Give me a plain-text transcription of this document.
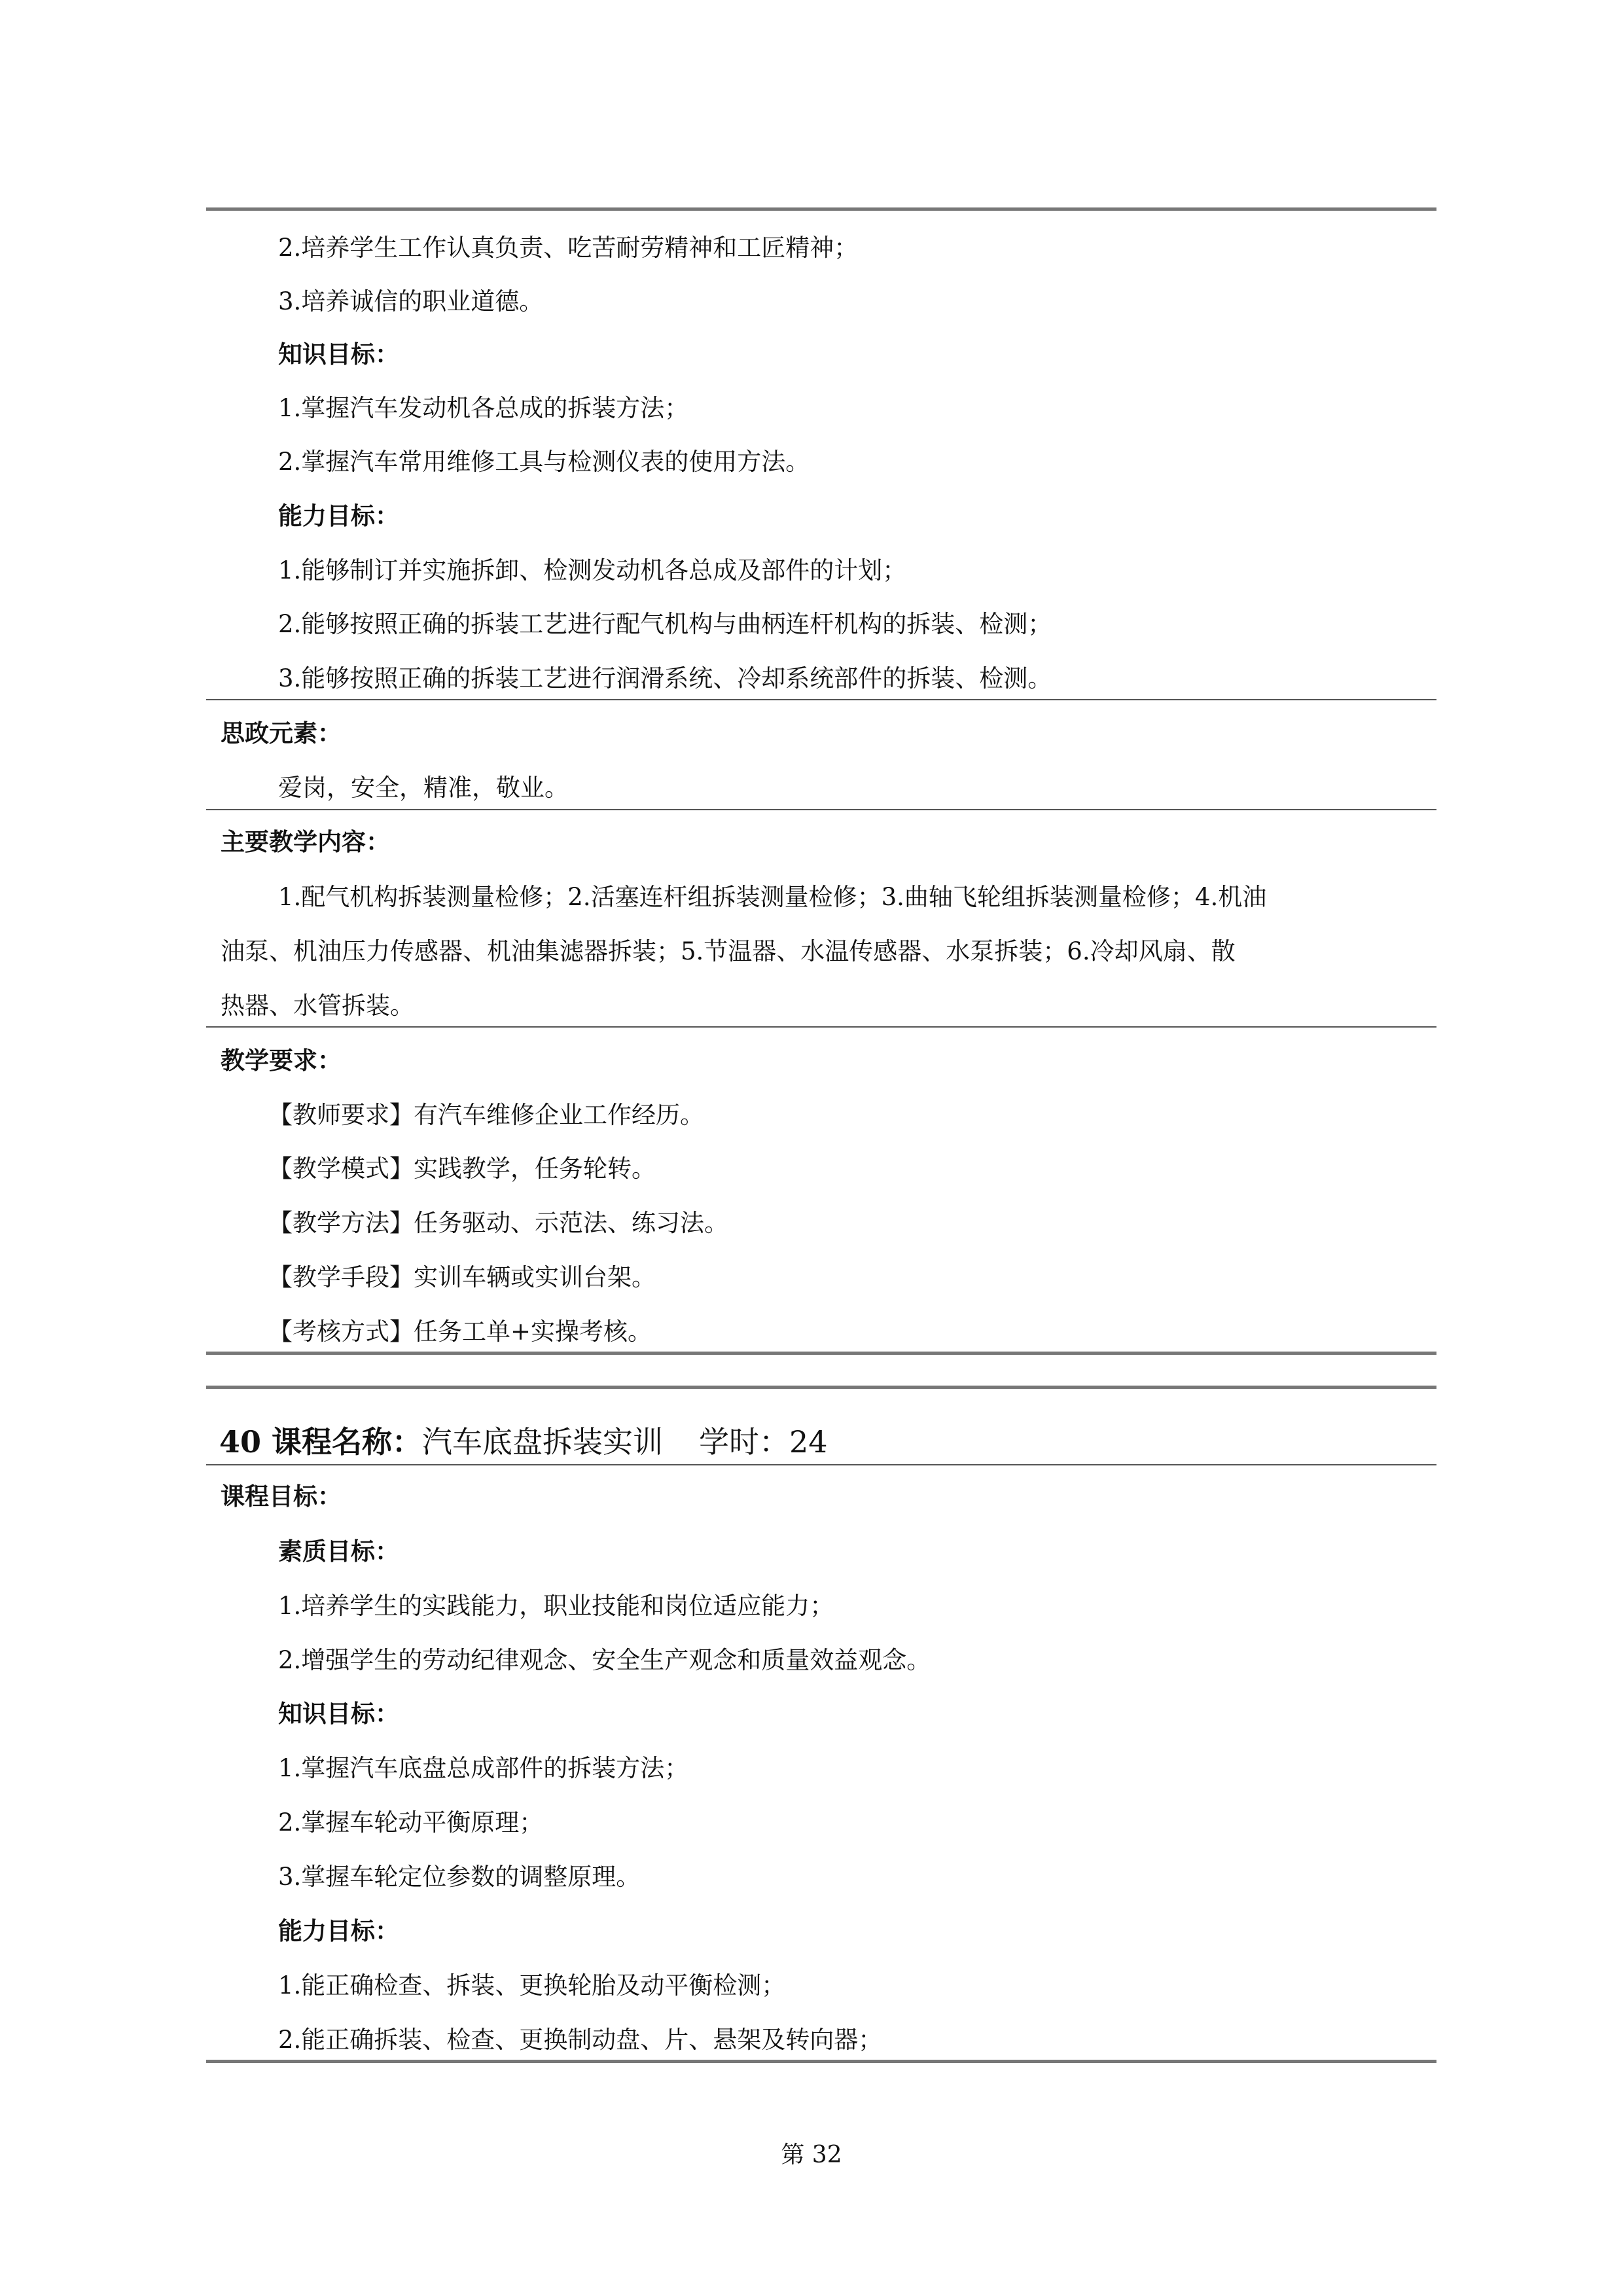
2.培养学生工作认真负责、吃苦耐劳精神和工匠精神；
3.培养诚信的职业道德。
知识目标：
1.掌握汽车发动机各总成的拆装方法；
2.掌握汽车常用维修工具与检测仪表的使用方法。
能力目标：
1.能够制订并实施拆卸、检测发动机各总成及部件的计划；
2.能够按照正确的拆装工艺进行配气机构与曲柄连杆机构的拆装、检测；
3.能够按照正确的拆装工艺进行润滑系统、冷却系统部件的拆装、检测。
思政元素：
爱岗，安全，精准，敬业。
主要教学内容：
1.配气机构拆装测量检修；2.活塞连杆组拆装测量检修；3.曲轴飞轮组拆装测量检修；4.机油
油泵、机油压力传感器、机油集滤器拆装；5.节温器、水温传感器、水泵拆装；6.冷却风扇、散
热器、水管拆装。
教学要求：
【教师要求】有汽车维修企业工作经历。
【教学模式】实践教学，任务轮转。
【教学方法】任务驱动、示范法、练习法。
【教学手段】实训车辆或实训台架。
【考核方式】任务工单+实操考核。
40 课程名称：汽车底盘拆装实训 学时：24
课程目标：
素质目标：
1.培养学生的实践能力，职业技能和岗位适应能力；
2.增强学生的劳动纪律观念、安全生产观念和质量效益观念。
知识目标：
1.掌握汽车底盘总成部件的拆装方法；
2.掌握车轮动平衡原理；
3.掌握车轮定位参数的调整原理。
能力目标：
1.能正确检查、拆装、更换轮胎及动平衡检测；
2.能正确拆装、检查、更换制动盘、片、悬架及转向器；
第 32
